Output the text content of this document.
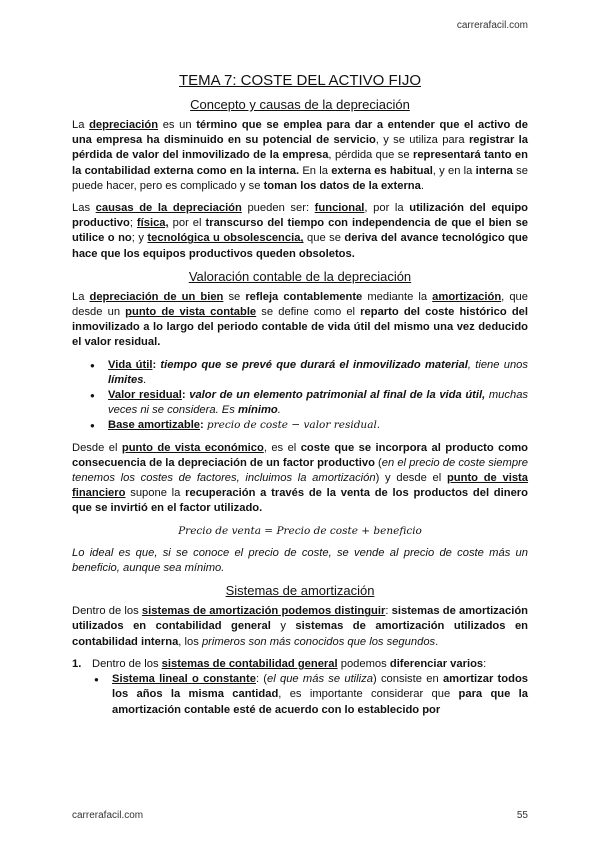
carrerafacil.com
TEMA 7: COSTE DEL ACTIVO FIJO
Concepto y causas de la depreciación

La depreciación es un término que se emplea para dar a entender que el activo de una empresa ha disminuido en su potencial de servicio, y se utiliza para registrar la pérdida de valor del inmovilizado de la empresa, pérdida que se representará tanto en la contabilidad externa como en la interna. En la externa es habitual, y en la interna se puede hacer, pero es complicado y se toman los datos de la externa.

Las causas de la depreciación pueden ser: funcional, por la utilización del equipo productivo; física, por el transcurso del tiempo con independencia de que el bien se utilice o no; y tecnológica u obsolescencia, que se deriva del avance tecnológico que hace que los equipos productivos queden obsoletos.

Valoración contable de la depreciación

La depreciación de un bien se refleja contablemente mediante la amortización, que desde un punto de vista contable se define como el reparto del coste histórico del inmovilizado a lo largo del periodo contable de vida útil del mismo una vez deducido el valor residual.

● Vida útil: tiempo que se prevé que durará el inmovilizado material, tiene unos límites.
● Valor residual: valor de un elemento patrimonial al final de la vida útil, muchas veces ni se considera. Es mínimo.
● Base amortizable: precio de coste − valor residual.

Desde el punto de vista económico, es el coste que se incorpora al producto como consecuencia de la depreciación de un factor productivo (en el precio de coste siempre tenemos los costes de factores, incluimos la amortización) y desde el punto de vista financiero supone la recuperación a través de la venta de los productos del dinero que se invirtió en el factor utilizado.

Precio de venta = Precio de coste + beneficio

Lo ideal es que, si se conoce el precio de coste, se vende al precio de coste más un beneficio, aunque sea mínimo.

Sistemas de amortización

Dentro de los sistemas de amortización podemos distinguir: sistemas de amortización utilizados en contabilidad general y sistemas de amortización utilizados en contabilidad interna, los primeros son más conocidos que los segundos.

1. Dentro de los sistemas de contabilidad general podemos diferenciar varios:
● Sistema lineal o constante: (el que más se utiliza) consiste en amortizar todos los años la misma cantidad, es importante considerar que para que la amortización contable esté de acuerdo con lo establecido por
carrerafacil.com	55
